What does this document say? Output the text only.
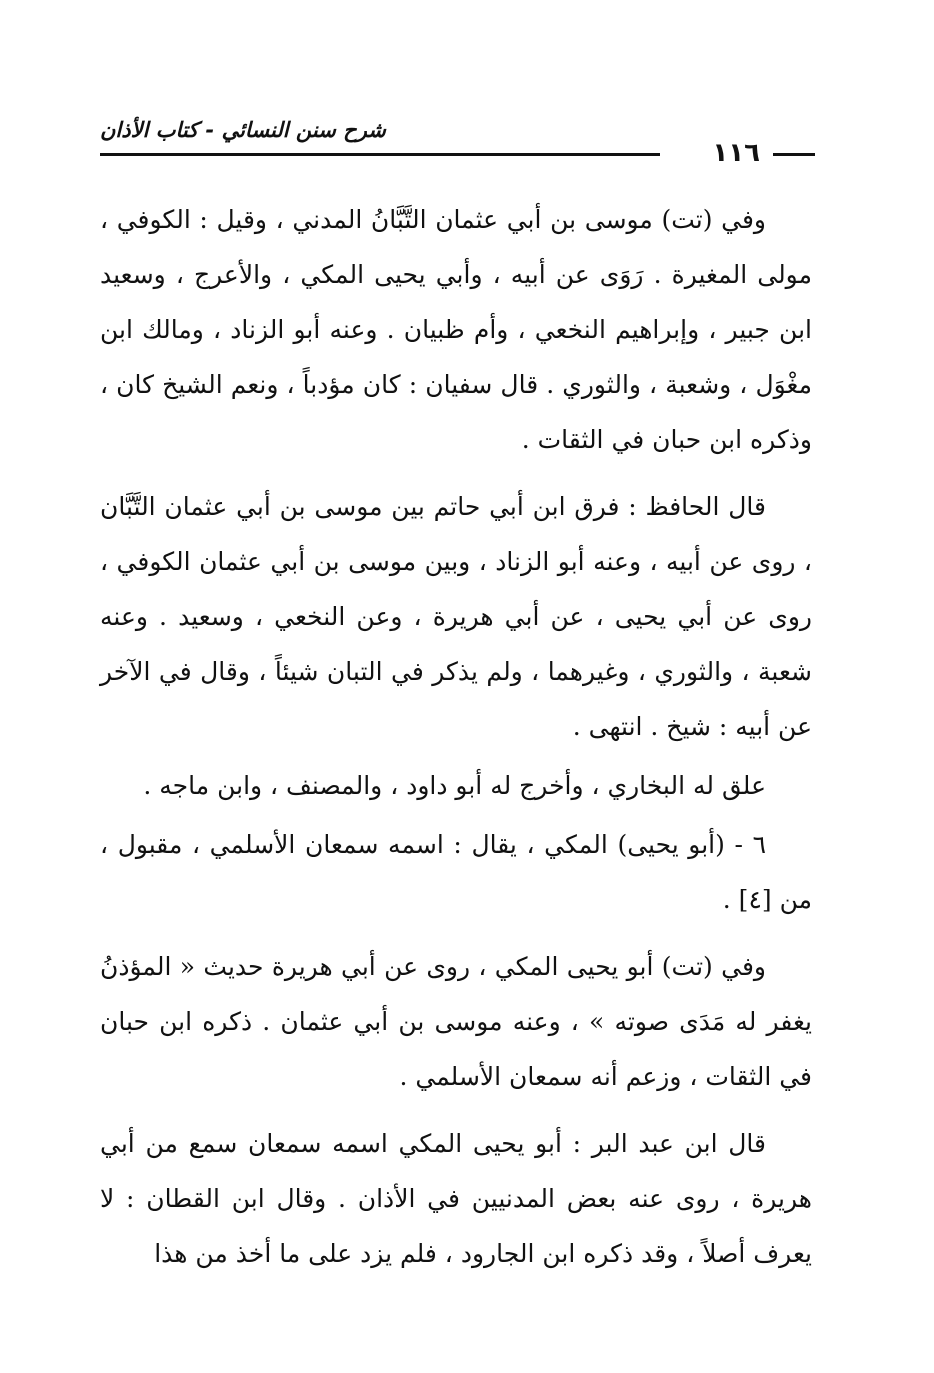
شرح سنن النسائي - كتاب الأذان
١١٦

وفي (تت) موسى بن أبي عثمان التَّبَّانُ المدني ، وقيل : الكوفي ، مولى المغيرة . رَوَى عن أبيه ، وأبي يحيى المكي ، والأعرج ، وسعيد ابن جبير ، وإبراهيم النخعي ، وأم ظبيان . وعنه أبو الزناد ، ومالك ابن مغْوَل ، وشعبة ، والثوري . قال سفيان : كان مؤدباً ، ونعم الشيخ كان ، وذكره ابن حبان في الثقات .

قال الحافظ : فرق ابن أبي حاتم بين موسى بن أبي عثمان التَّبَّان ، روى عن أبيه ، وعنه أبو الزناد ، وبين موسى بن أبي عثمان الكوفي ، روى عن أبي يحيى ، عن أبي هريرة ، وعن النخعي ، وسعيد . وعنه شعبة ، والثوري ، وغيرهما ، ولم يذكر في التبان شيئاً ، وقال في الآخر عن أبيه : شيخ . انتهى .

علق له البخاري ، وأخرج له أبو داود ، والمصنف ، وابن ماجه .

٦ - (أبو يحيى) المكي ، يقال : اسمه سمعان الأسلمي ، مقبول ، من [٤] .

وفي (تت) أبو يحيى المكي ، روى عن أبي هريرة حديث « المؤذنُ يغفر له مَدَى صوته » ، وعنه موسى بن أبي عثمان . ذكره ابن حبان في الثقات ، وزعم أنه سمعان الأسلمي .

قال ابن عبد البر : أبو يحيى المكي اسمه سمعان سمع من أبي هريرة ، روى عنه بعض المدنيين في الأذان . وقال ابن القطان : لا يعرف أصلاً ، وقد ذكره ابن الجارود ، فلم يزد على ما أخذ من هذا
